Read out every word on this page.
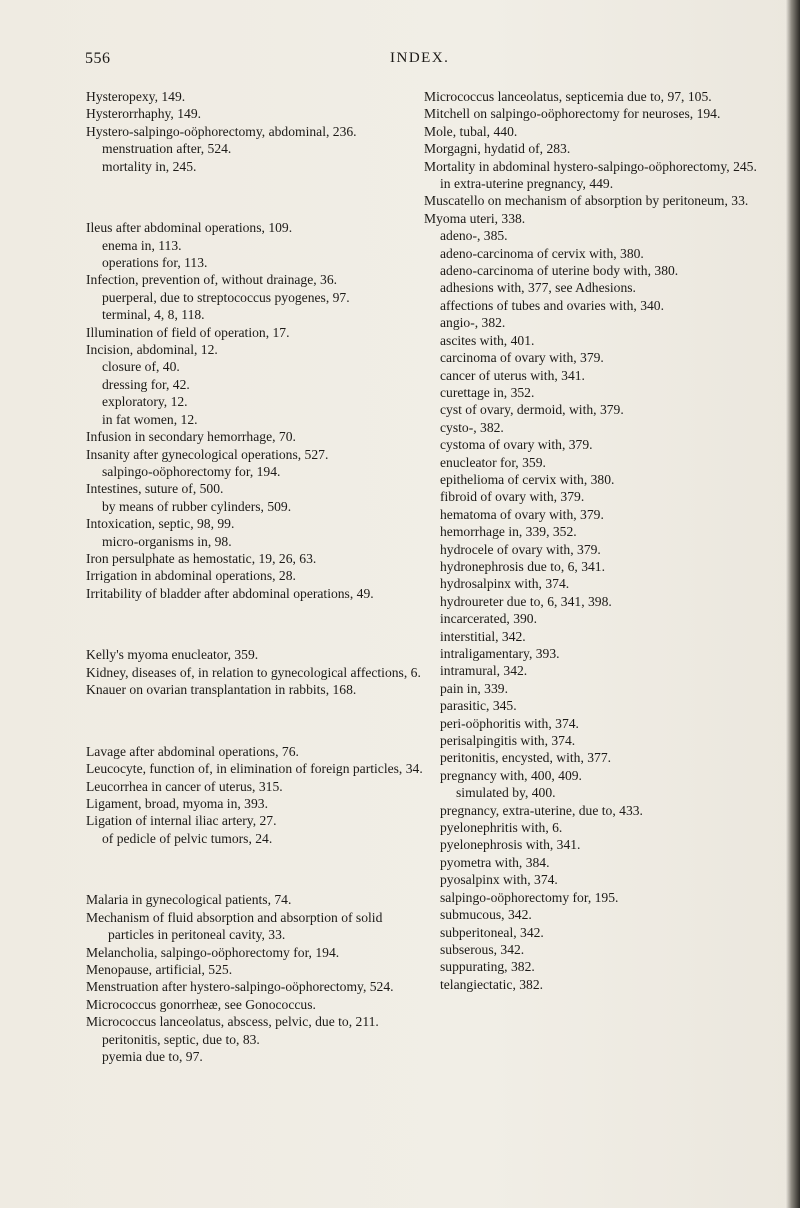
556	INDEX.

Hysteropexy, 149.

Hysterorrhaphy, 149.

Hystero-salpingo-oöphorectomy, abdominal, 236.

menstruation after, 524.

mortality in, 245.

Ileus after abdominal operations, 109.

enema in, 113.

operations for, 113.

Infection, prevention of, without drainage, 36.

puerperal, due to streptococcus pyogenes, 97.

terminal, 4, 8, 118.

Illumination of field of operation, 17.

Incision, abdominal, 12.

closure of, 40.

dressing for, 42.

exploratory, 12.

in fat women, 12.

Infusion in secondary hemorrhage, 70.

Insanity after gynecological operations, 527.

salpingo-oöphorectomy for, 194.

Intestines, suture of, 500.

by means of rubber cylinders, 509.

Intoxication, septic, 98, 99.

micro-organisms in, 98.

Iron persulphate as hemostatic, 19, 26, 63.

Irrigation in abdominal operations, 28.

Irritability of bladder after abdominal operations, 49.

Kelly's myoma enucleator, 359.

Kidney, diseases of, in relation to gynecological affections, 6.

Knauer on ovarian transplantation in rabbits, 168.

Lavage after abdominal operations, 76.

Leucocyte, function of, in elimination of foreign particles, 34.

Leucorrhea in cancer of uterus, 315.

Ligament, broad, myoma in, 393.

Ligation of internal iliac artery, 27.

of pedicle of pelvic tumors, 24.

Malaria in gynecological patients, 74.

Mechanism of fluid absorption and absorption of solid particles in peritoneal cavity, 33.

Melancholia, salpingo-oöphorectomy for, 194.

Menopause, artificial, 525.

Menstruation after hystero-salpingo-oöphorectomy, 524.

Micrococcus gonorrheæ, see Gonococcus.

Micrococcus lanceolatus, abscess, pelvic, due to, 211.

peritonitis, septic, due to, 83.

pyemia due to, 97.

Micrococcus lanceolatus, septicemia due to, 97, 105.

Mitchell on salpingo-oöphorectomy for neuroses, 194.

Mole, tubal, 440.

Morgagni, hydatid of, 283.

Mortality in abdominal hystero-salpingo-oöphorectomy, 245.

in extra-uterine pregnancy, 449.

Muscatello on mechanism of absorption by peritoneum, 33.

Myoma uteri, 338.

adeno-, 385.

adeno-carcinoma of cervix with, 380.

adeno-carcinoma of uterine body with, 380.

adhesions with, 377, see Adhesions.

affections of tubes and ovaries with, 340.

angio-, 382.

ascites with, 401.

carcinoma of ovary with, 379.

cancer of uterus with, 341.

curettage in, 352.

cyst of ovary, dermoid, with, 379.

cysto-, 382.

cystoma of ovary with, 379.

enucleator for, 359.

epithelioma of cervix with, 380.

fibroid of ovary with, 379.

hematoma of ovary with, 379.

hemorrhage in, 339, 352.

hydrocele of ovary with, 379.

hydronephrosis due to, 6, 341.

hydrosalpinx with, 374.

hydroureter due to, 6, 341, 398.

incarcerated, 390.

interstitial, 342.

intraligamentary, 393.

intramural, 342.

pain in, 339.

parasitic, 345.

peri-oöphoritis with, 374.

perisalpingitis with, 374.

peritonitis, encysted, with, 377.

pregnancy with, 400, 409.

simulated by, 400.

pregnancy, extra-uterine, due to, 433.

pyelonephritis with, 6.

pyelonephrosis with, 341.

pyometra with, 384.

pyosalpinx with, 374.

salpingo-oöphorectomy for, 195.

submucous, 342.

subperitoneal, 342.

subserous, 342.

suppurating, 382.

telangiectatic, 382.
